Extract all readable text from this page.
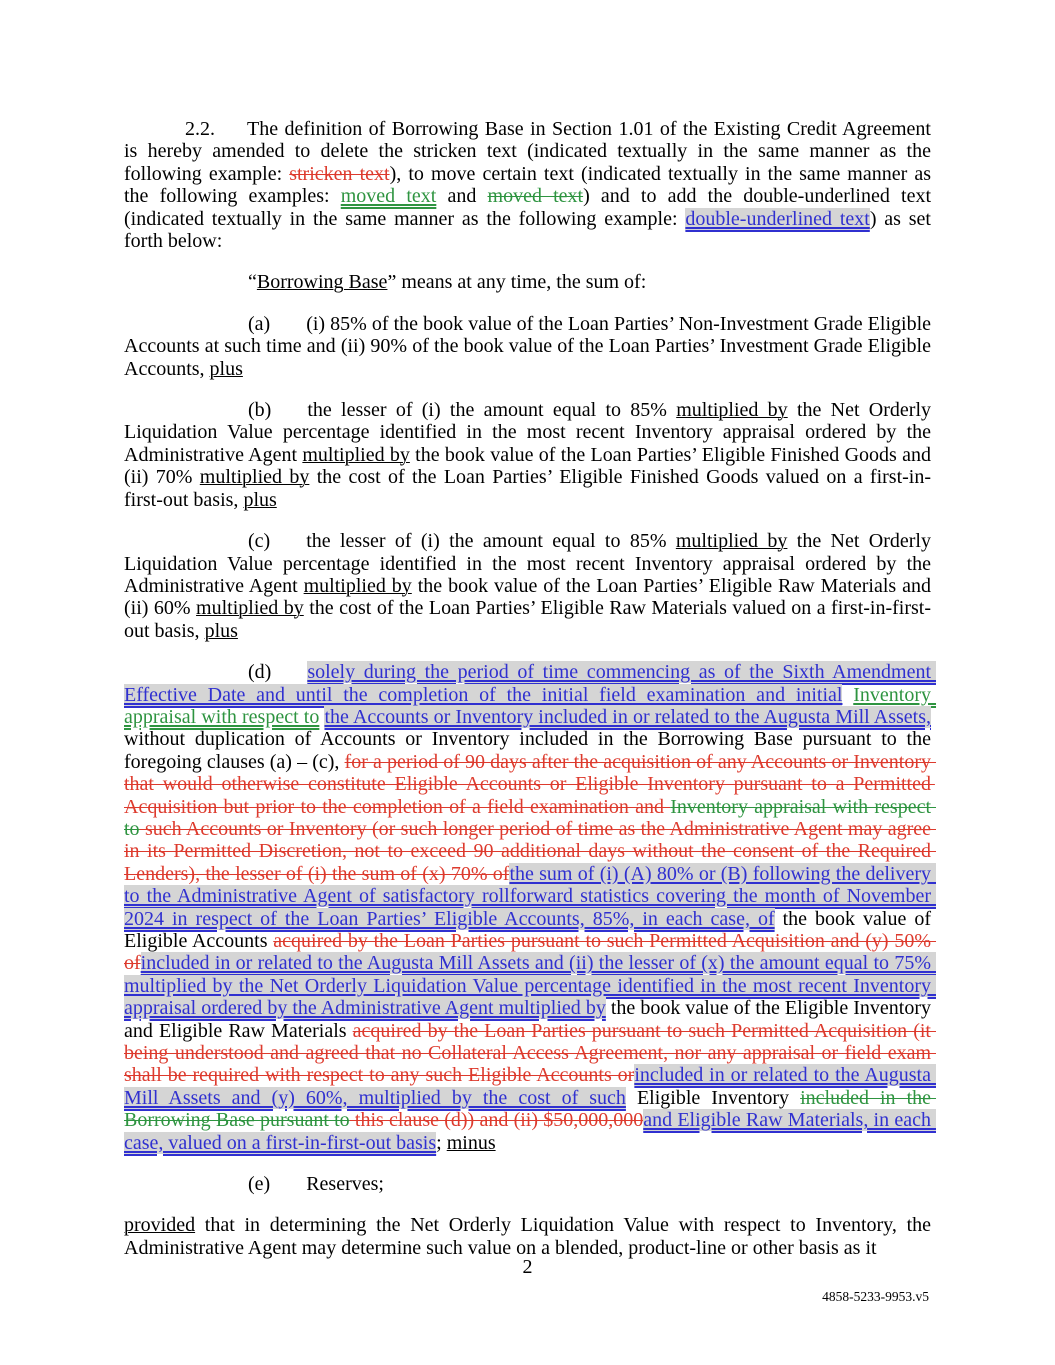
2.2. The definition of Borrowing Base in Section 1.01 of the Existing Credit Agreement is hereby amended to delete the stricken text (indicated textually in the same manner as the following example: stricken text), to move certain text (indicated textually in the same manner as the following examples: moved text and moved text) and to add the double-underlined text (indicated textually in the same manner as the following example: double-underlined text) as set forth below:

“Borrowing Base” means at any time, the sum of:

(a) (i) 85% of the book value of the Loan Parties’ Non-Investment Grade Eligible Accounts at such time and (ii) 90% of the book value of the Loan Parties’ Investment Grade Eligible Accounts, plus

(b) the lesser of (i) the amount equal to 85% multiplied by the Net Orderly Liquidation Value percentage identified in the most recent Inventory appraisal ordered by the Administrative Agent multiplied by the book value of the Loan Parties’ Eligible Finished Goods and (ii) 70% multiplied by the cost of the Loan Parties’ Eligible Finished Goods valued on a first-in-first-out basis, plus

(c) the lesser of (i) the amount equal to 85% multiplied by the Net Orderly Liquidation Value percentage identified in the most recent Inventory appraisal ordered by the Administrative Agent multiplied by the book value of the Loan Parties’ Eligible Raw Materials and (ii) 60% multiplied by the cost of the Loan Parties’ Eligible Raw Materials valued on a first-in-first-out basis, plus

(d) solely during the period of time commencing as of the Sixth Amendment Effective Date and until the completion of the initial field examination and initial Inventory appraisal with respect to the Accounts or Inventory included in or related to the Augusta Mill Assets, without duplication of Accounts or Inventory included in the Borrowing Base pursuant to the foregoing clauses (a) – (c), for a period of 90 days after the acquisition of any Accounts or Inventory that would otherwise constitute Eligible Accounts or Eligible Inventory pursuant to a Permitted Acquisition but prior to the completion of a field examination and Inventory appraisal with respect to such Accounts or Inventory (or such longer period of time as the Administrative Agent may agree in its Permitted Discretion, not to exceed 90 additional days without the consent of the Required Lenders), the lesser of (i) the sum of (x) 70% ofthe sum of (i) (A) 80% or (B) following the delivery to the Administrative Agent of satisfactory rollforward statistics covering the month of November 2024 in respect of the Loan Parties’ Eligible Accounts, 85%, in each case, of the book value of Eligible Accounts acquired by the Loan Parties pursuant to such Permitted Acquisition and (y) 50% ofincluded in or related to the Augusta Mill Assets and (ii) the lesser of (x) the amount equal to 75% multiplied by the Net Orderly Liquidation Value percentage identified in the most recent Inventory appraisal ordered by the Administrative Agent multiplied by the book value of the Eligible Inventory and Eligible Raw Materials acquired by the Loan Parties pursuant to such Permitted Acquisition (it being understood and agreed that no Collateral Access Agreement, nor any appraisal or field exam shall be required with respect to any such Eligible Accounts orincluded in or related to the Augusta Mill Assets and (y) 60%, multiplied by the cost of such Eligible Inventory included in the Borrowing Base pursuant to this clause (d)) and (ii) $50,000,000and Eligible Raw Materials, in each case, valued on a first-in-first-out basis; minus

(e) Reserves;

provided that in determining the Net Orderly Liquidation Value with respect to Inventory, the Administrative Agent may determine such value on a blended, product-line or other basis as it

2
4858-5233-9953.v5
